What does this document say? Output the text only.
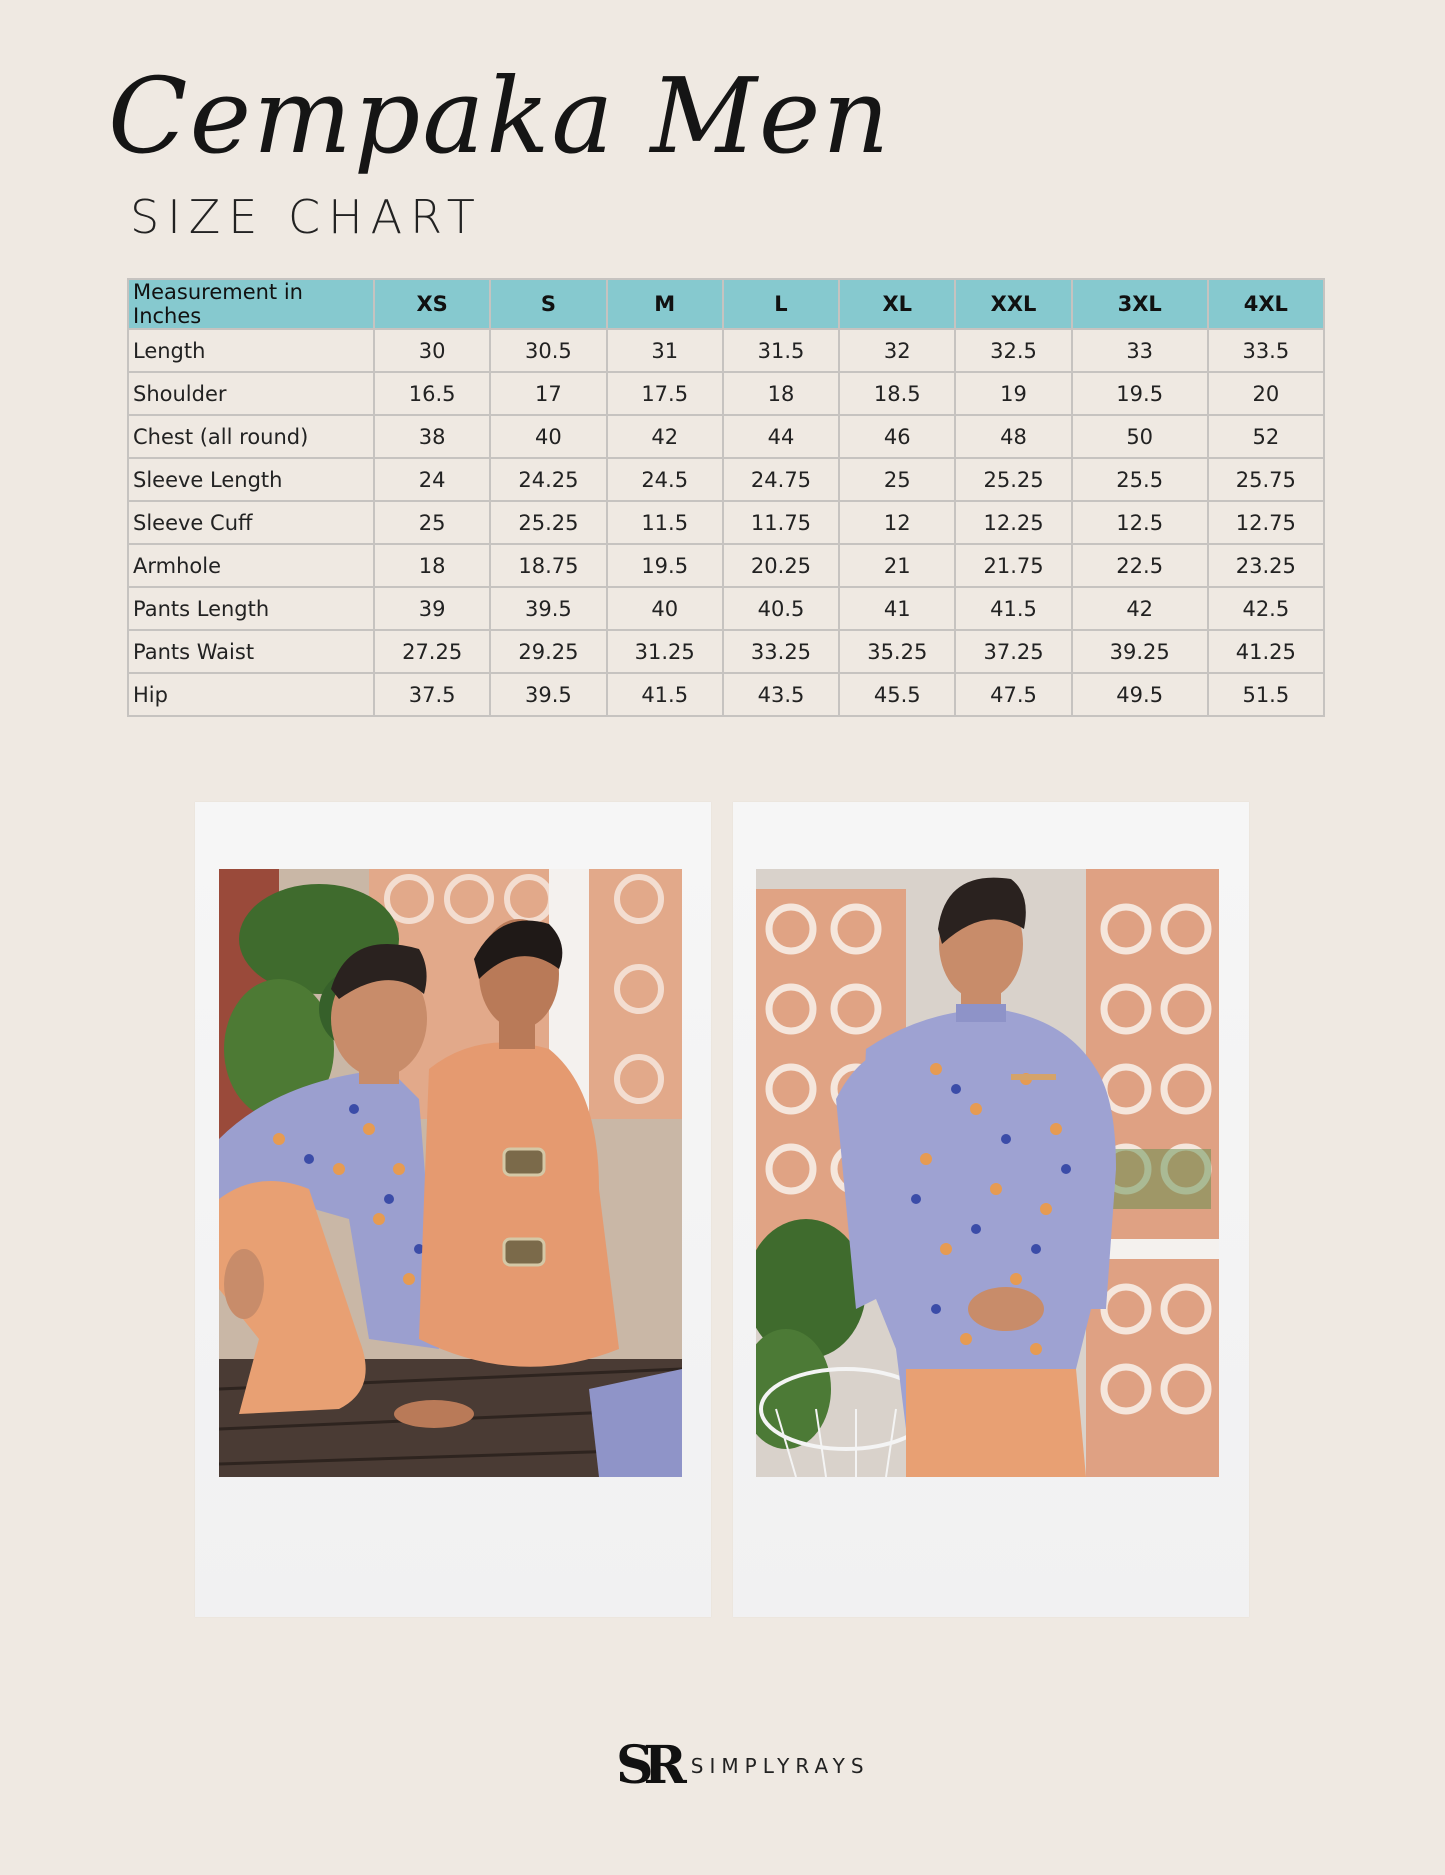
Cempaka Men

SIZE CHART

Measurement in Inches	XS	S	M	L	XL	XXL	3XL	4XL
Length	30	30.5	31	31.5	32	32.5	33	33.5
Shoulder	16.5	17	17.5	18	18.5	19	19.5	20
Chest (all round)	38	40	42	44	46	48	50	52
Sleeve Length	24	24.25	24.5	24.75	25	25.25	25.5	25.75
Sleeve Cuff	25	25.25	11.5	11.75	12	12.25	12.5	12.75
Armhole	18	18.75	19.5	20.25	21	21.75	22.5	23.25
Pants Length	39	39.5	40	40.5	41	41.5	42	42.5
Pants Waist	27.25	29.25	31.25	33.25	35.25	37.25	39.25	41.25
Hip	37.5	39.5	41.5	43.5	45.5	47.5	49.5	51.5
SR SIMPLYRAYS
